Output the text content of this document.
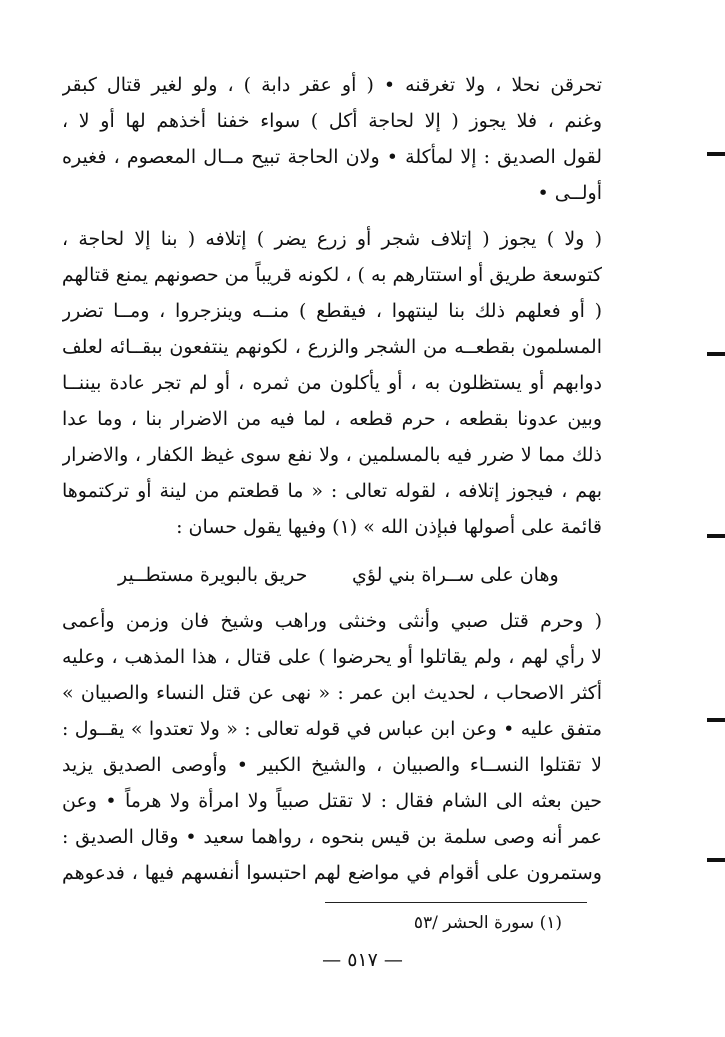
تحرقن نحلا ، ولا تغرقنه • ( أو عقر دابة ) ، ولو لغير قتال كبقر
وغنم ، فلا يجوز ( إلا لحاجة أكل ) سواء خفنا أخذهم لها أو لا ،
لقول الصديق : إلا لمأكلة • ولان الحاجة تبيح مــال المعصوم ، فغيره
أولــى •
( ولا ) يجوز ( إتلاف شجر أو زرع يضر ) إتلافه ( بنا إلا لحاجة ،
كتوسعة طريق أو استتارهم به ) ، لكونه قريباً من حصونهم يمنع قتالهم
( أو فعلهم ذلك بنا لينتهوا ، فيقطع ) منــه وينزجروا ، ومــا تضرر
المسلمون بقطعــه من الشجر والزرع ، لكونهم ينتفعون ببقــائه لعلف
دوابهم أو يستظلون به ، أو يأكلون من ثمره ، أو لم تجر عادة بيننــا
وبين عدونا بقطعه ، حرم قطعه ، لما فيه من الاضرار بنا ، وما عدا
ذلك مما لا ضرر فيه بالمسلمين ، ولا نفع سوى غيظ الكفار ، والاضرار
بهم ، فيجوز إتلافه ، لقوله تعالى : « ما قطعتم من لينة أو تركتموها
قائمة على أصولها فبإذن الله » (١) وفيها يقول حسان :
وهان على ســراة بني لؤي
حريق بالبويرة مستطــير
( وحرم قتل صبي وأنثى وخنثى وراهب وشيخ فان وزمن وأعمى
لا رأي لهم ، ولم يقاتلوا أو يحرضوا ) على قتال ، هذا المذهب ، وعليه
أكثر الاصحاب ، لحديث ابن عمر : « نهى عن قتل النساء والصبيان »
متفق عليه • وعن ابن عباس في قوله تعالى : « ولا تعتدوا » يقــول :
لا تقتلوا النســاء والصبيان ، والشيخ الكبير • وأوصى الصديق يزيد
حين بعثه الى الشام فقال : لا تقتل صبياً ولا امرأة ولا هرماً • وعن
عمر أنه وصى سلمة بن قيس بنحوه ، رواهما سعيد • وقال الصديق :
وستمرون على أقوام في مواضع لهم احتبسوا أنفسهم فيها ، فدعوهم
(١) سورة الحشر /٥٣
— ٥١٧ —
